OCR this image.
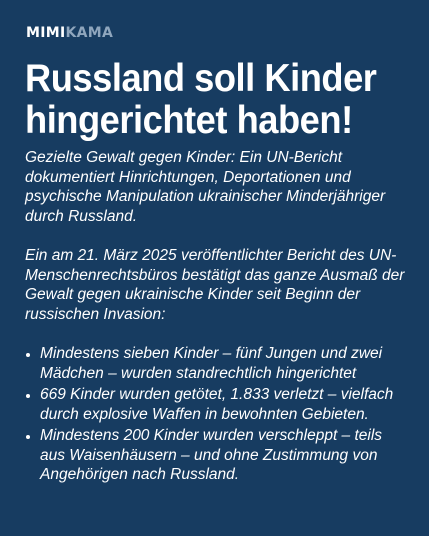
MIMIKAMA
Russland soll Kinder hingerichtet haben!
Gezielte Gewalt gegen Kinder: Ein UN-Bericht dokumentiert Hinrichtungen, Deportationen und psychische Manipulation ukrainischer Minderjähriger durch Russland.
Ein am 21. März 2025 veröffentlichter Bericht des UN-Menschenrechtsbüros bestätigt das ganze Ausmaß der Gewalt gegen ukrainische Kinder seit Beginn der russischen Invasion:
Mindestens sieben Kinder – fünf Jungen und zwei Mädchen – wurden standrechtlich hingerichtet
669 Kinder wurden getötet, 1.833 verletzt – vielfach durch explosive Waffen in bewohnten Gebieten.
Mindestens 200 Kinder wurden verschleppt – teils aus Waisenhäusern – und ohne Zustimmung von Angehörigen nach Russland.
